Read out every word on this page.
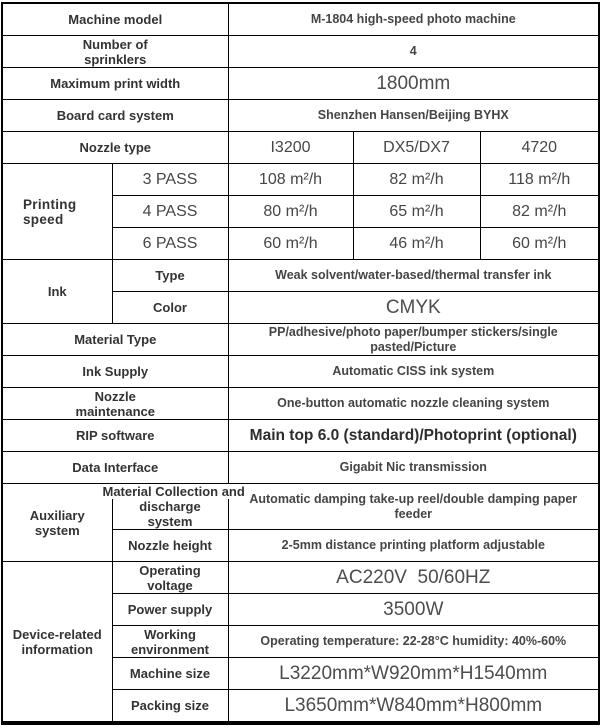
Machine model		M-1804 high-speed photo machine		

Number of
sprinklers		4		
Maximum print width		1800mm		
Board card system		Shenzhen Hansen/Beijing BYHX		
Nozzle type		I3200	DX5/DX7	4720

Printing
speed	3 PASS	108 m²/h	82 m²/h	118 m²/h
	4 PASS	80 m²/h	65 m²/h	82 m²/h
	6 PASS	60 m²/h	46 m²/h	60 m²/h
Ink	Type	Weak solvent/water-based/thermal transfer ink		
	Color	CMYK		
Material Type		PP/adhesive/photo paper/bumper stickers/single pasted/Picture		
Ink Supply		Automatic CISS ink system		

Nozzle
maintenance		One-button automatic nozzle cleaning system		
RIP software		Main top 6.0 (standard)/Photoprint (optional)		
Data Interface		Gigabit Nic transmission		
Auxiliary system	Material Collection and
discharge system	Automatic damping take-up reel/double damping paper feeder		
	Nozzle height	2-5mm distance printing platform adjustable		

Device-related
information	Operating voltage	AC220V  50/60HZ		
	Power supply	3500W		

	Working
environment	Operating temperature: 22-28°C humidity: 40%-60%		
	Machine size	L3220mm*W920mm*H1540mm		
	Packing size	L3650mm*W840mm*H800mm		
